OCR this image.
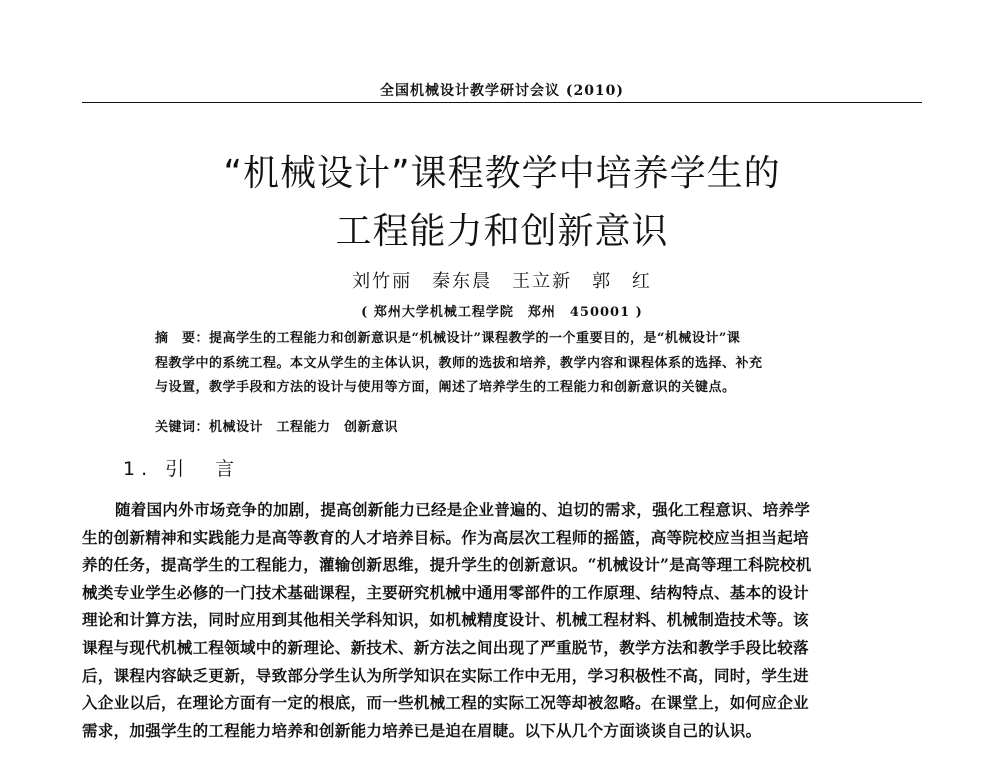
全国机械设计教学研讨会议 (2010)
“机械设计”课程教学中培养学生的
工程能力和创新意识
刘竹丽　秦东晨　王立新　郭 红
( 郑州大学机械工程学院　郑州　450001 )
摘　要：提高学生的工程能力和创新意识是“机械设计”课程教学的一个重要目的，是“机械设计”课
程教学中的系统工程。本文从学生的主体认识，教师的选拔和培养，教学内容和课程体系的选择、补充
与设置，教学手段和方法的设计与使用等方面，阐述了培养学生的工程能力和创新意识的关键点。
关键词：机械设计　工程能力　创新意识
1. 引　言
随着国内外市场竞争的加剧，提高创新能力已经是企业普遍的、迫切的需求，强化工程意识、培养学
生的创新精神和实践能力是高等教育的人才培养目标。作为高层次工程师的摇篮，高等院校应当担当起培
养的任务，提高学生的工程能力，灌输创新思维，提升学生的创新意识。“机械设计”是高等理工科院校机
械类专业学生必修的一门技术基础课程，主要研究机械中通用零部件的工作原理、结构特点、基本的设计
理论和计算方法，同时应用到其他相关学科知识，如机械精度设计、机械工程材料、机械制造技术等。该
课程与现代机械工程领域中的新理论、新技术、新方法之间出现了严重脱节，教学方法和教学手段比较落
后，课程内容缺乏更新，导致部分学生认为所学知识在实际工作中无用，学习积极性不高，同时，学生进
入企业以后，在理论方面有一定的根底，而一些机械工程的实际工况等却被忽略。在课堂上，如何应企业
需求，加强学生的工程能力培养和创新能力培养已是迫在眉睫。以下从几个方面谈谈自己的认识。
